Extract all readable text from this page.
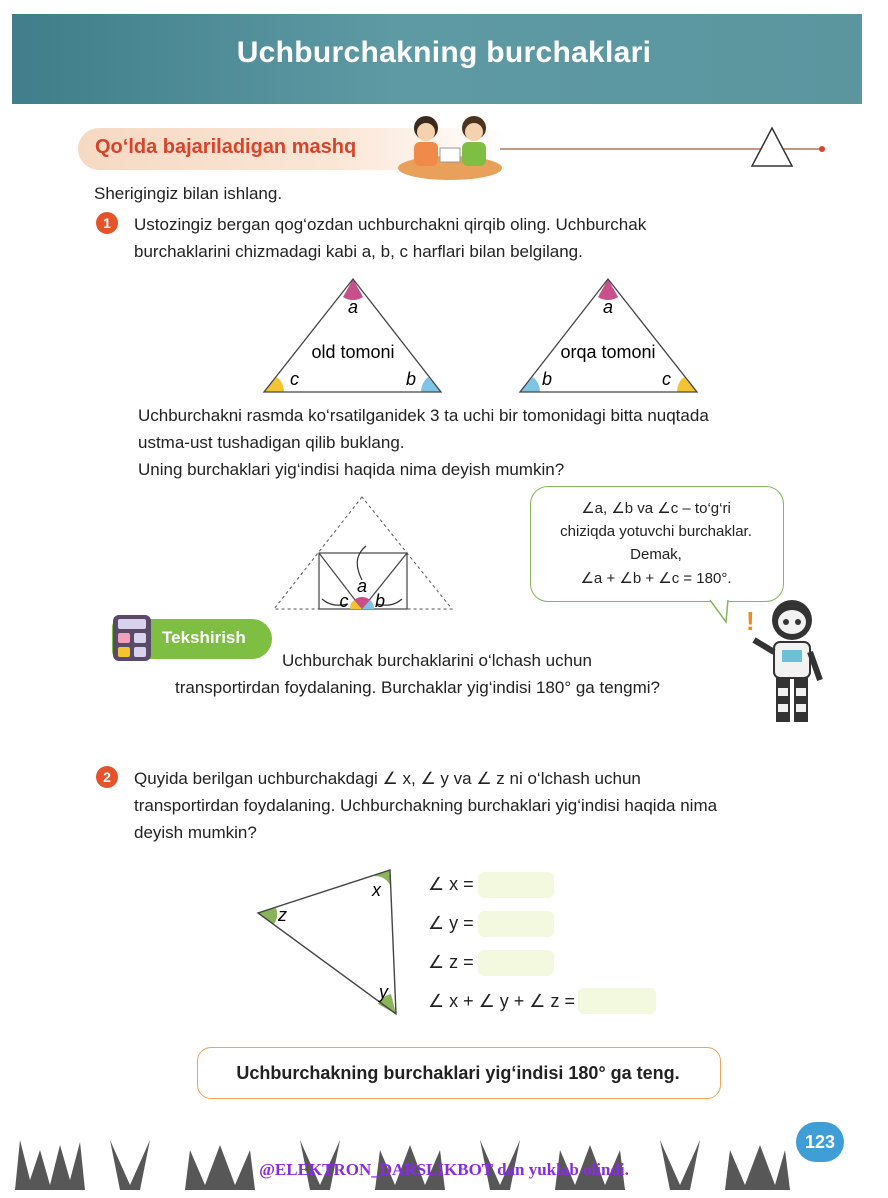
Uchburchakning burchaklari
Qo‘lda bajariladigan mashq
Sherigingiz bilan ishlang.
1	Ustozingiz bergan qog‘ozdan uchburchakni qirqib oling. Uchburchak
burchaklarini chizmadagi kabi a, b, c harflari bilan belgilang.
a
c	b
old tomoni
a
b	c
orqa tomoni
Uchburchakni rasmda ko‘rsatilganidek 3 ta uchi bir tomonidagi bitta nuqtada
ustma-ust tushadigan qilib buklang.
Uning burchaklari yig‘indisi haqida nima deyish mumkin?
a
c b
∠a, ∠b va ∠c – to‘g‘ri
chiziqda yotuvchi burchaklar.
Demak,
∠a + ∠b + ∠c = 180°.
Tekshirish
Uchburchak burchaklarini o‘lchash uchun
transportirdan foydalaning. Burchaklar yig‘indisi 180° ga tengmi?
!
2	Quyida berilgan uchburchakdagi ∠ x, ∠ y va ∠ z ni o‘lchash uchun
transportirdan foydalaning. Uchburchakning burchaklari yig‘indisi haqida nima
deyish mumkin?
x
z
y
∠ x =
∠ y =
∠ z =
∠ x + ∠ y + ∠ z =
Uchburchakning burchaklari yig‘indisi 180° ga teng.
123
@ELEKTRON_DARSLIKBOT dan yuklab olindi.
